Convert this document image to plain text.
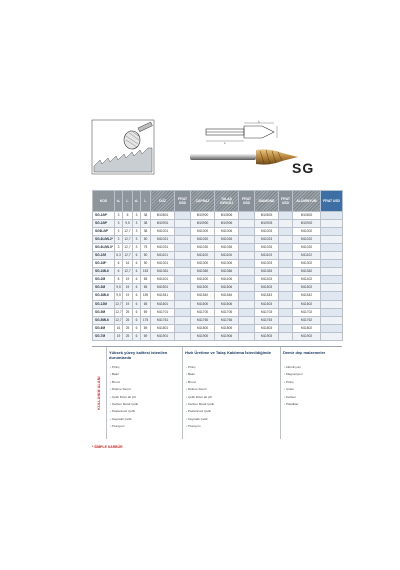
l₁
l₂
SG
KOD	d₁	l₁	d₂	l₂	DÜZ	FİYAT USD	ÇAPRAZ	TALAŞ KIRICILI	FİYAT USD	DIAMOND	FİYAT USD	ALÜMİNYUM	FİYAT USD
SG-1/M*	3	6	3	38	M10801		M10900	M10806		M10803		M10802	
SG-1/M*	3	9,5	3	38	M10901		M10900	M10906		M10903		M10902	
SG6L/M*	3	12,7	3	38	M11001		M11000	M11006		M11003		M11002	
SG-6L/ML2*	3	12,7	3	50	M11021		M11020	M11026		M11023		M11022	
SG-6L/ML3*	3	12,7	3	75	M11031		M11030	M11036		M11033		M11032	
SG-1/M	6,3	12,7	6	50	M11101		M11100	M11106		M11103		M11102	
SG-1M*	6	16	6	50	M11301		M11300	M11306		M11303		M11302	
SG-1ML6	6	12,7	6	153	M11361		M11360	M11366		M11363		M11362	
SG-2M	8	19	6	65	M11401		M11400	M11406		M11403		M11402	
SG-3M	9,5	19	6	65	M11501		M11500	M11506		M11503		M11502	
SG-3ML6	9,5	19	6	159	M11541		M11540	M11546		M11543		M11542	
SG-12M	12,7	19	6	65	M11601		M11600	M11606		M11603		M11602	
SG-5M	12,7	25	6	69	M11701		M11700	M11706		M11703		M11702	
SG-5ML6	12,7	25	6	175	M11761		M11760	M11766		M11763		M11762	
SG-6M	16	25	6	69	M11801		M11800	M11806		M11803		M11802	
SG-7M	19	25	6	69	M11901		M11900	M11906		M11903		M11902	
KULLANIM ALANI
Yüksek yüzey kalitesi istenilen durumlarda
• Pirinç
• Bakır
• Bronz
• Dökme Demir
• Çelik Dövü alt çift
• Karbon Metal Çelik
• Paslanmaz Çelik
• Kaynaklı Çelik
• Titanyum
Hızlı Üretime ve Talaş Kaldırma İstenildiğinde
• Pirinç
• Bakır
• Bronz
• Dökme Demir
• Çelik Dövü alt çift
• Karbon Metal Çelik
• Paslanmaz Çelik
• Kaynaklı Çelik
• Titanyum
Demir dışı malzemeler
• Alüminyum
• Magnezyum
• Pirinç
• Çinko
• Karbon
• Plastikler
* SİMPLE KARBÜR
